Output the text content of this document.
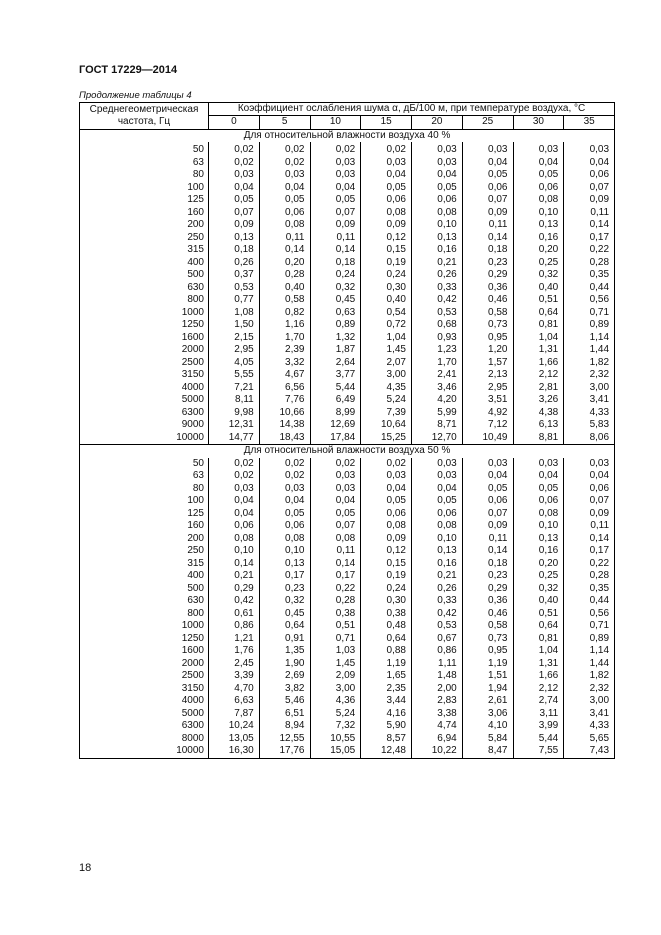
ГОСТ 17229—2014
Продолжение таблицы 4
Среднегеометрическая частота, Гц	Коэффициент ослабления шума α, дБ/100 м, при температуре воздуха, °С							
	0	5	10	15	20	25	30	35
Для относительной влажности воздуха 40 %								
50	0,02	0,02	0,02	0,02	0,03	0,03	0,03	0,03
63	0,02	0,02	0,03	0,03	0,03	0,04	0,04	0,04
80	0,03	0,03	0,03	0,04	0,04	0,05	0,05	0,06
100	0,04	0,04	0,04	0,05	0,05	0,06	0,06	0,07
125	0,05	0,05	0,05	0,06	0,06	0,07	0,08	0,09
160	0,07	0,06	0,07	0,08	0,08	0,09	0,10	0,11
200	0,09	0,08	0,09	0,09	0,10	0,11	0,13	0,14
250	0,13	0,11	0,11	0,12	0,13	0,14	0,16	0,17
315	0,18	0,14	0,14	0,15	0,16	0,18	0,20	0,22
400	0,26	0,20	0,18	0,19	0,21	0,23	0,25	0,28
500	0,37	0,28	0,24	0,24	0,26	0,29	0,32	0,35
630	0,53	0,40	0,32	0,30	0,33	0,36	0,40	0,44
800	0,77	0,58	0,45	0,40	0,42	0,46	0,51	0,56
1000	1,08	0,82	0,63	0,54	0,53	0,58	0,64	0,71
1250	1,50	1,16	0,89	0,72	0,68	0,73	0,81	0,89
1600	2,15	1,70	1,32	1,04	0,93	0,95	1,04	1,14
2000	2,95	2,39	1,87	1,45	1,23	1,20	1,31	1,44
2500	4,05	3,32	2,64	2,07	1,70	1,57	1,66	1,82
3150	5,55	4,67	3,77	3,00	2,41	2,13	2,12	2,32
4000	7,21	6,56	5,44	4,35	3,46	2,95	2,81	3,00
5000	8,11	7,76	6,49	5,24	4,20	3,51	3,26	3,41
6300	9,98	10,66	8,99	7,39	5,99	4,92	4,38	4,33
9000	12,31	14,38	12,69	10,64	8,71	7,12	6,13	5,83
10000	14,77	18,43	17,84	15,25	12,70	10,49	8,81	8,06
Для относительной влажности воздуха 50 %								
50	0,02	0,02	0,02	0,02	0,03	0,03	0,03	0,03
63	0,02	0,02	0,03	0,03	0,03	0,04	0,04	0,04
80	0,03	0,03	0,03	0,04	0,04	0,05	0,05	0,06
100	0,04	0,04	0,04	0,05	0,05	0,06	0,06	0,07
125	0,04	0,05	0,05	0,06	0,06	0,07	0,08	0,09
160	0,06	0,06	0,07	0,08	0,08	0,09	0,10	0,11
200	0,08	0,08	0,08	0,09	0,10	0,11	0,13	0,14
250	0,10	0,10	0,11	0,12	0,13	0,14	0,16	0,17
315	0,14	0,13	0,14	0,15	0,16	0,18	0,20	0,22
400	0,21	0,17	0,17	0,19	0,21	0,23	0,25	0,28
500	0,29	0,23	0,22	0,24	0,26	0,29	0,32	0,35
630	0,42	0,32	0,28	0,30	0,33	0,36	0,40	0,44
800	0,61	0,45	0,38	0,38	0,42	0,46	0,51	0,56
1000	0,86	0,64	0,51	0,48	0,53	0,58	0,64	0,71
1250	1,21	0,91	0,71	0,64	0,67	0,73	0,81	0,89
1600	1,76	1,35	1,03	0,88	0,86	0,95	1,04	1,14
2000	2,45	1,90	1,45	1,19	1,11	1,19	1,31	1,44
2500	3,39	2,69	2,09	1,65	1,48	1,51	1,66	1,82
3150	4,70	3,82	3,00	2,35	2,00	1,94	2,12	2,32
4000	6,63	5,46	4,36	3,44	2,83	2,61	2,74	3,00
5000	7,87	6,51	5,24	4,16	3,38	3,06	3,11	3,41
6300	10,24	8,94	7,32	5,90	4,74	4,10	3,99	4,33
8000	13,05	12,55	10,55	8,57	6,94	5,84	5,44	5,65
10000	16,30	17,76	15,05	12,48	10,22	8,47	7,55	7,43
18
